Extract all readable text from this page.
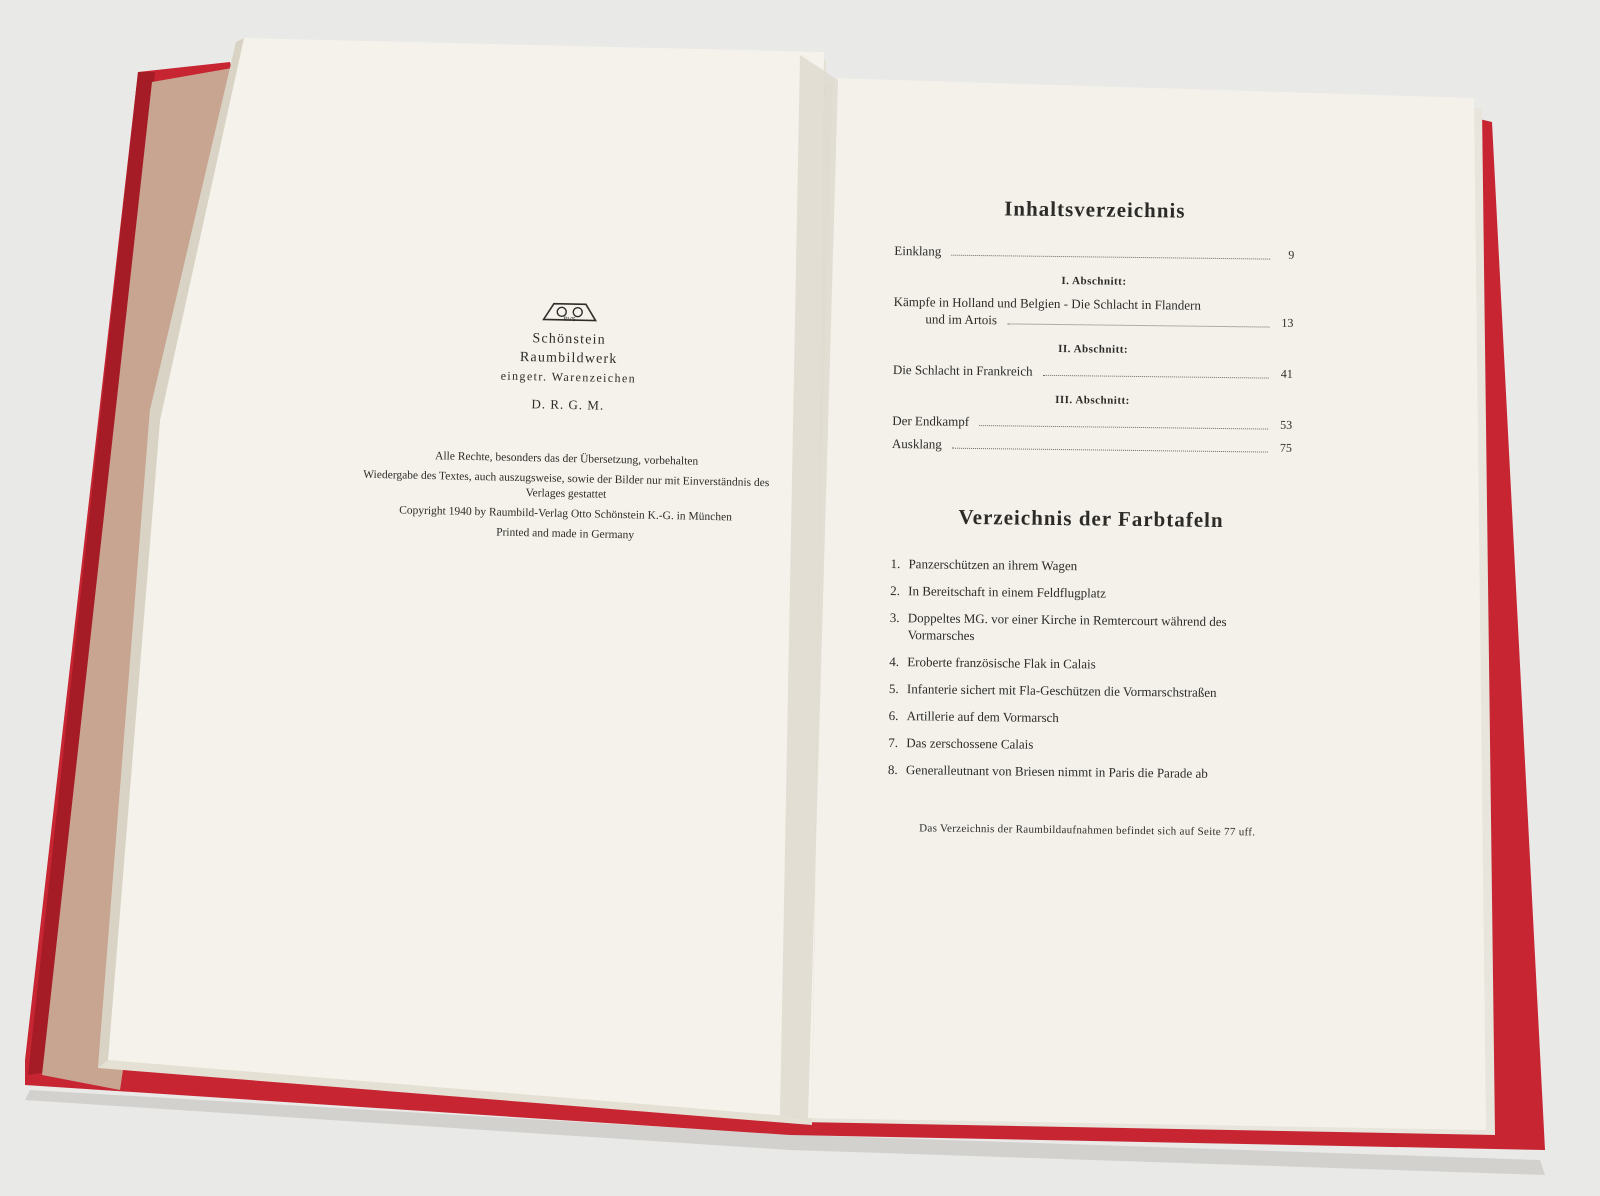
RVS
Schönstein
Raumbildwerk
eingetr. Warenzeichen
D. R. G. M.
Alle Rechte, besonders das der Übersetzung, vorbehalten
Wiedergabe des Textes, auch auszugsweise, sowie der Bilder nur mit Einverständnis des Verlages gestattet
Copyright 1940 by Raumbild-Verlag Otto Schönstein K.-G. in München
Printed and made in Germany
Inhaltsverzeichnis
Einklang	9
I. Abschnitt:
Kämpfe in Holland und Belgien - Die Schlacht in Flandern
und im Artois	13
II. Abschnitt:
Die Schlacht in Frankreich	41
III. Abschnitt:
Der Endkampf	53
Ausklang	75
Verzeichnis der Farbtafeln
1. Panzerschützen an ihrem Wagen
2. In Bereitschaft in einem Feldflugplatz
3. Doppeltes MG. vor einer Kirche in Remtercourt während des Vormarsches
4. Eroberte französische Flak in Calais
5. Infanterie sichert mit Fla-Geschützen die Vormarschstraßen
6. Artillerie auf dem Vormarsch
7. Das zerschossene Calais
8. Generalleutnant von Briesen nimmt in Paris die Parade ab
Das Verzeichnis der Raumbildaufnahmen befindet sich auf Seite 77 uff.
